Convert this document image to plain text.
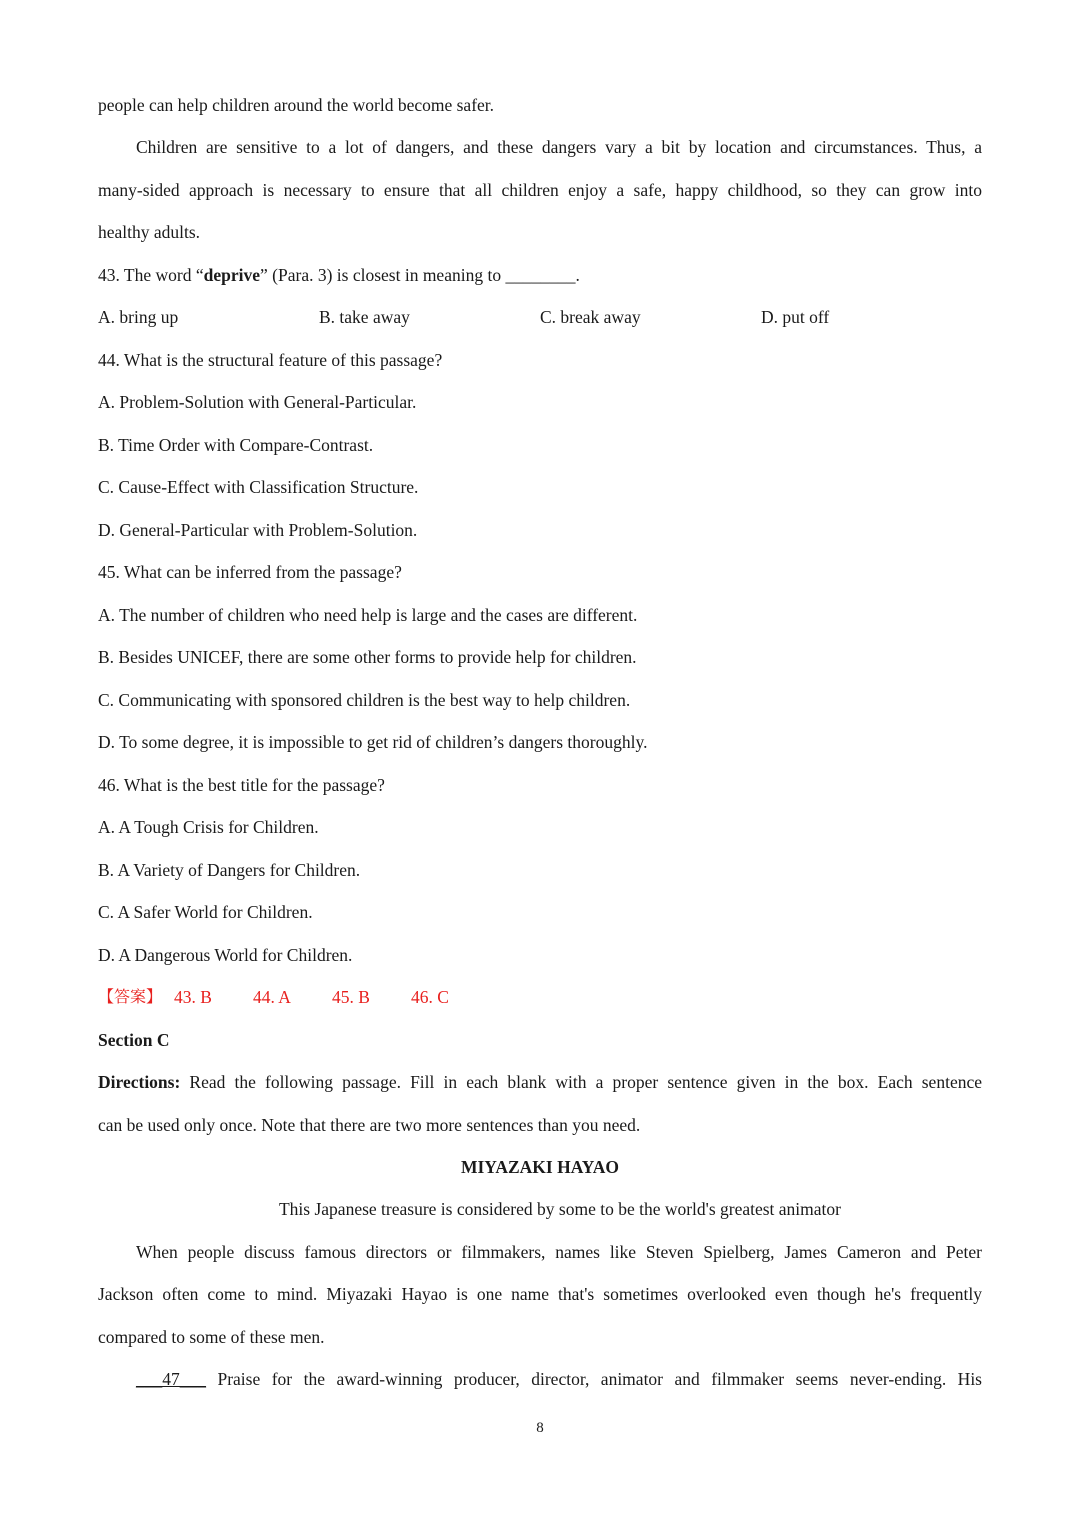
people can help children around the world become safer.
Children are sensitive to a lot of dangers, and these dangers vary a bit by location and circumstances. Thus, a
many-sided approach is necessary to ensure that all children enjoy a safe, happy childhood, so they can grow into
healthy adults.
43. The word “deprive” (Para. 3) is closest in meaning to ________.
A. bring up	B. take away	C. break away	D. put off
44. What is the structural feature of this passage?
A. Problem-Solution with General-Particular.
B. Time Order with Compare-Contrast.
C. Cause-Effect with Classification Structure.
D. General-Particular with Problem-Solution.
45. What can be inferred from the passage?
A. The number of children who need help is large and the cases are different.
B. Besides UNICEF, there are some other forms to provide help for children.
C. Communicating with sponsored children is the best way to help children.
D. To some degree, it is impossible to get rid of children’s dangers thoroughly.
46. What is the best title for the passage?
A. A Tough Crisis for Children.
B. A Variety of Dangers for Children.
C. A Safer World for Children.
D. A Dangerous World for Children.
【答案】 43. B 44. A 45. B 46. C
Section C
Directions: Read the following passage. Fill in each blank with a proper sentence given in the box. Each sentence
can be used only once. Note that there are two more sentences than you need.
MIYAZAKI HAYAO
This Japanese treasure is considered by some to be the world's greatest animator
When people discuss famous directors or filmmakers, names like Steven Spielberg, James Cameron and Peter
Jackson often come to mind. Miyazaki Hayao is one name that's sometimes overlooked even though he's frequently
compared to some of these men.
___47___ Praise for the award-winning producer, director, animator and filmmaker seems never-ending. His
8
